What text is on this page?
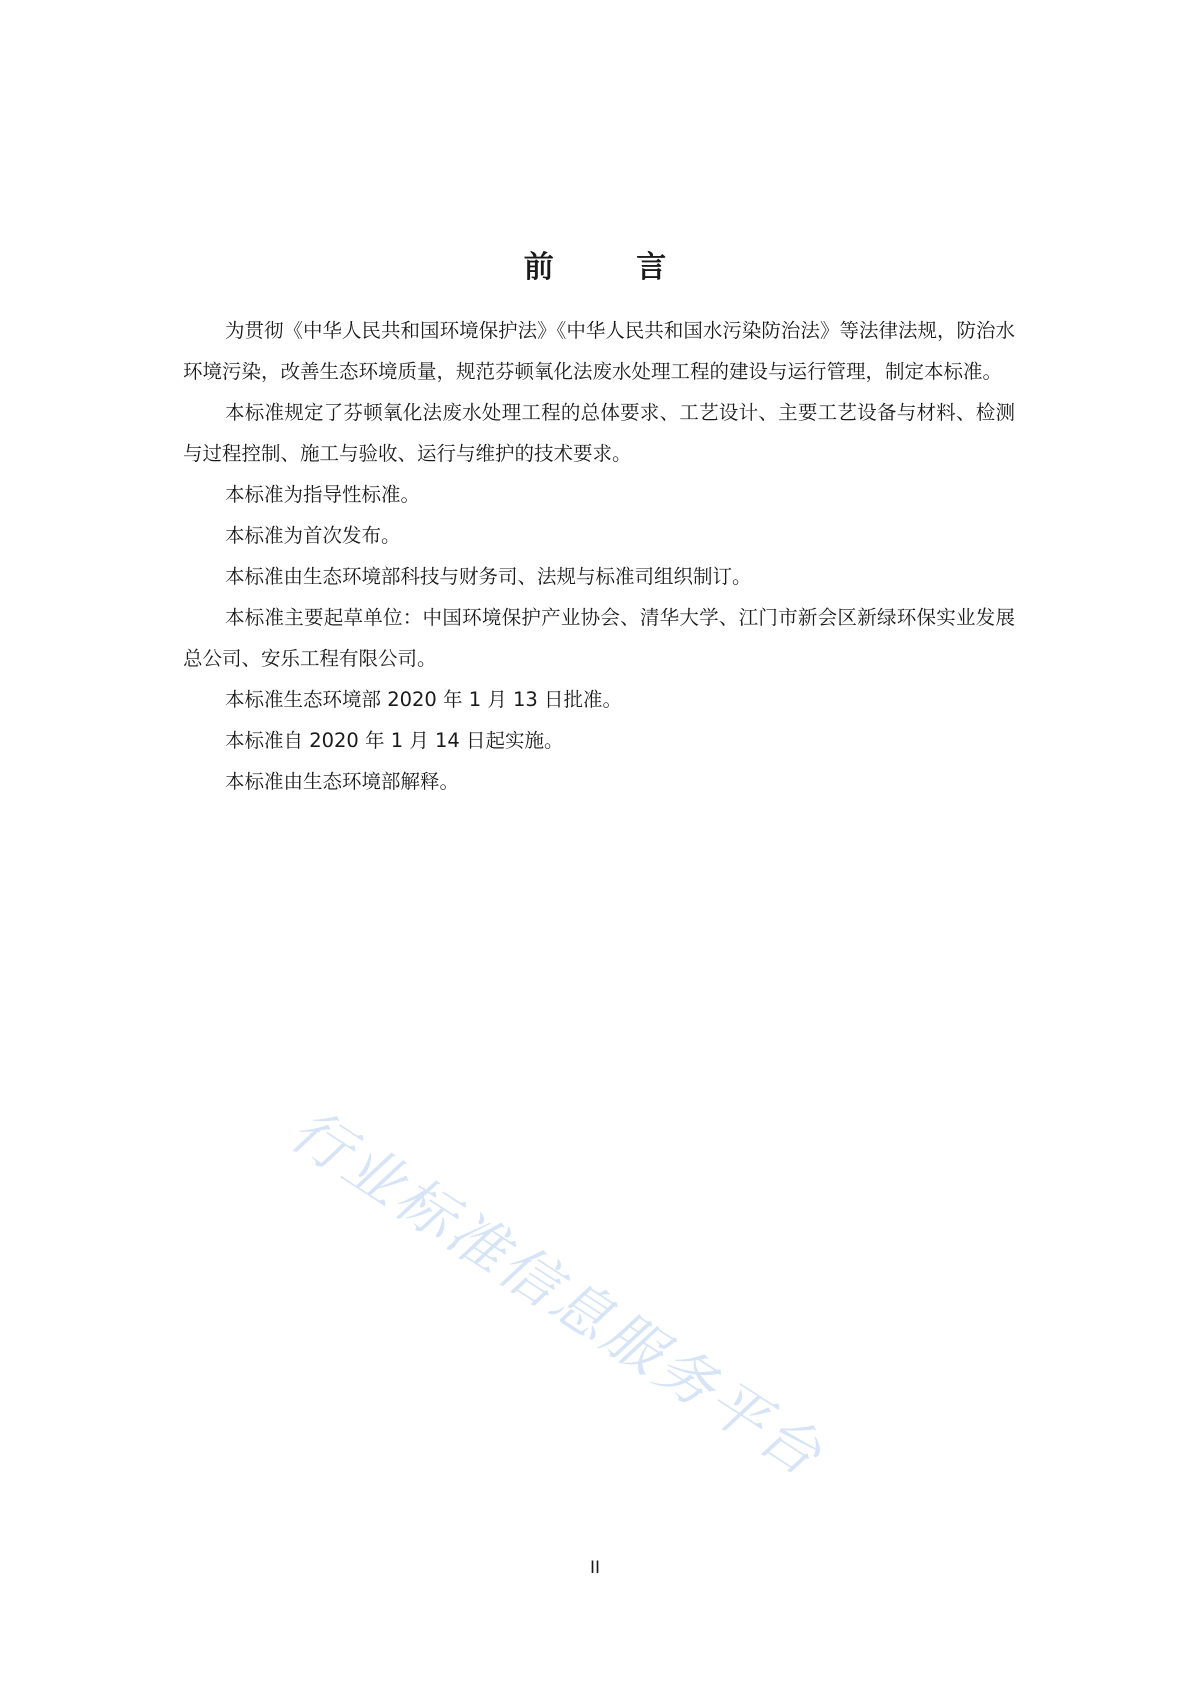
前 言

为贯彻《中华人民共和国环境保护法》《中华人民共和国水污染防治法》等法律法规，防治水环境污染，改善生态环境质量，规范芬顿氧化法废水处理工程的建设与运行管理，制定本标准。

本标准规定了芬顿氧化法废水处理工程的总体要求、工艺设计、主要工艺设备与材料、检测与过程控制、施工与验收、运行与维护的技术要求。

本标准为指导性标准。

本标准为首次发布。

本标准由生态环境部科技与财务司、法规与标准司组织制订。

本标准主要起草单位：中国环境保护产业协会、清华大学、江门市新会区新绿环保实业发展总公司、安乐工程有限公司。

本标准生态环境部 2020 年 1 月 13 日批准。

本标准自 2020 年 1 月 14 日起实施。

本标准由生态环境部解释。

行业标准信息服务平台
II
